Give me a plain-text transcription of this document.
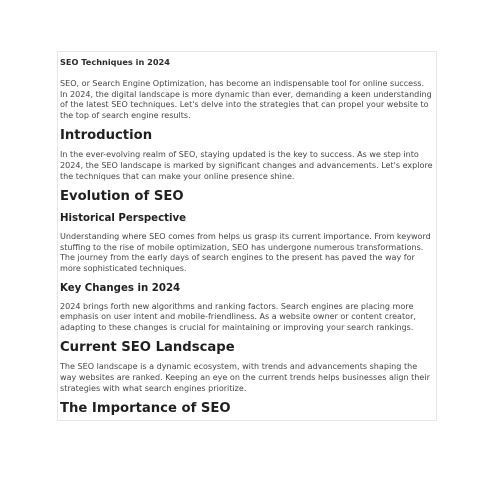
SEO Techniques in 2024

SEO, or Search Engine Optimization, has become an indispensable tool for online success. In 2024, the digital landscape is more dynamic than ever, demanding a keen understanding of the latest SEO techniques. Let's delve into the strategies that can propel your website to the top of search engine results.

Introduction

In the ever-evolving realm of SEO, staying updated is the key to success. As we step into 2024, the SEO landscape is marked by significant changes and advancements. Let's explore the techniques that can make your online presence shine.

Evolution of SEO
Historical Perspective

Understanding where SEO comes from helps us grasp its current importance. From keyword stuffing to the rise of mobile optimization, SEO has undergone numerous transformations. The journey from the early days of search engines to the present has paved the way for more sophisticated techniques.

Key Changes in 2024

2024 brings forth new algorithms and ranking factors. Search engines are placing more emphasis on user intent and mobile-friendliness. As a website owner or content creator, adapting to these changes is crucial for maintaining or improving your search rankings.

Current SEO Landscape

The SEO landscape is a dynamic ecosystem, with trends and advancements shaping the way websites are ranked. Keeping an eye on the current trends helps businesses align their strategies with what search engines prioritize.

The Importance of SEO
